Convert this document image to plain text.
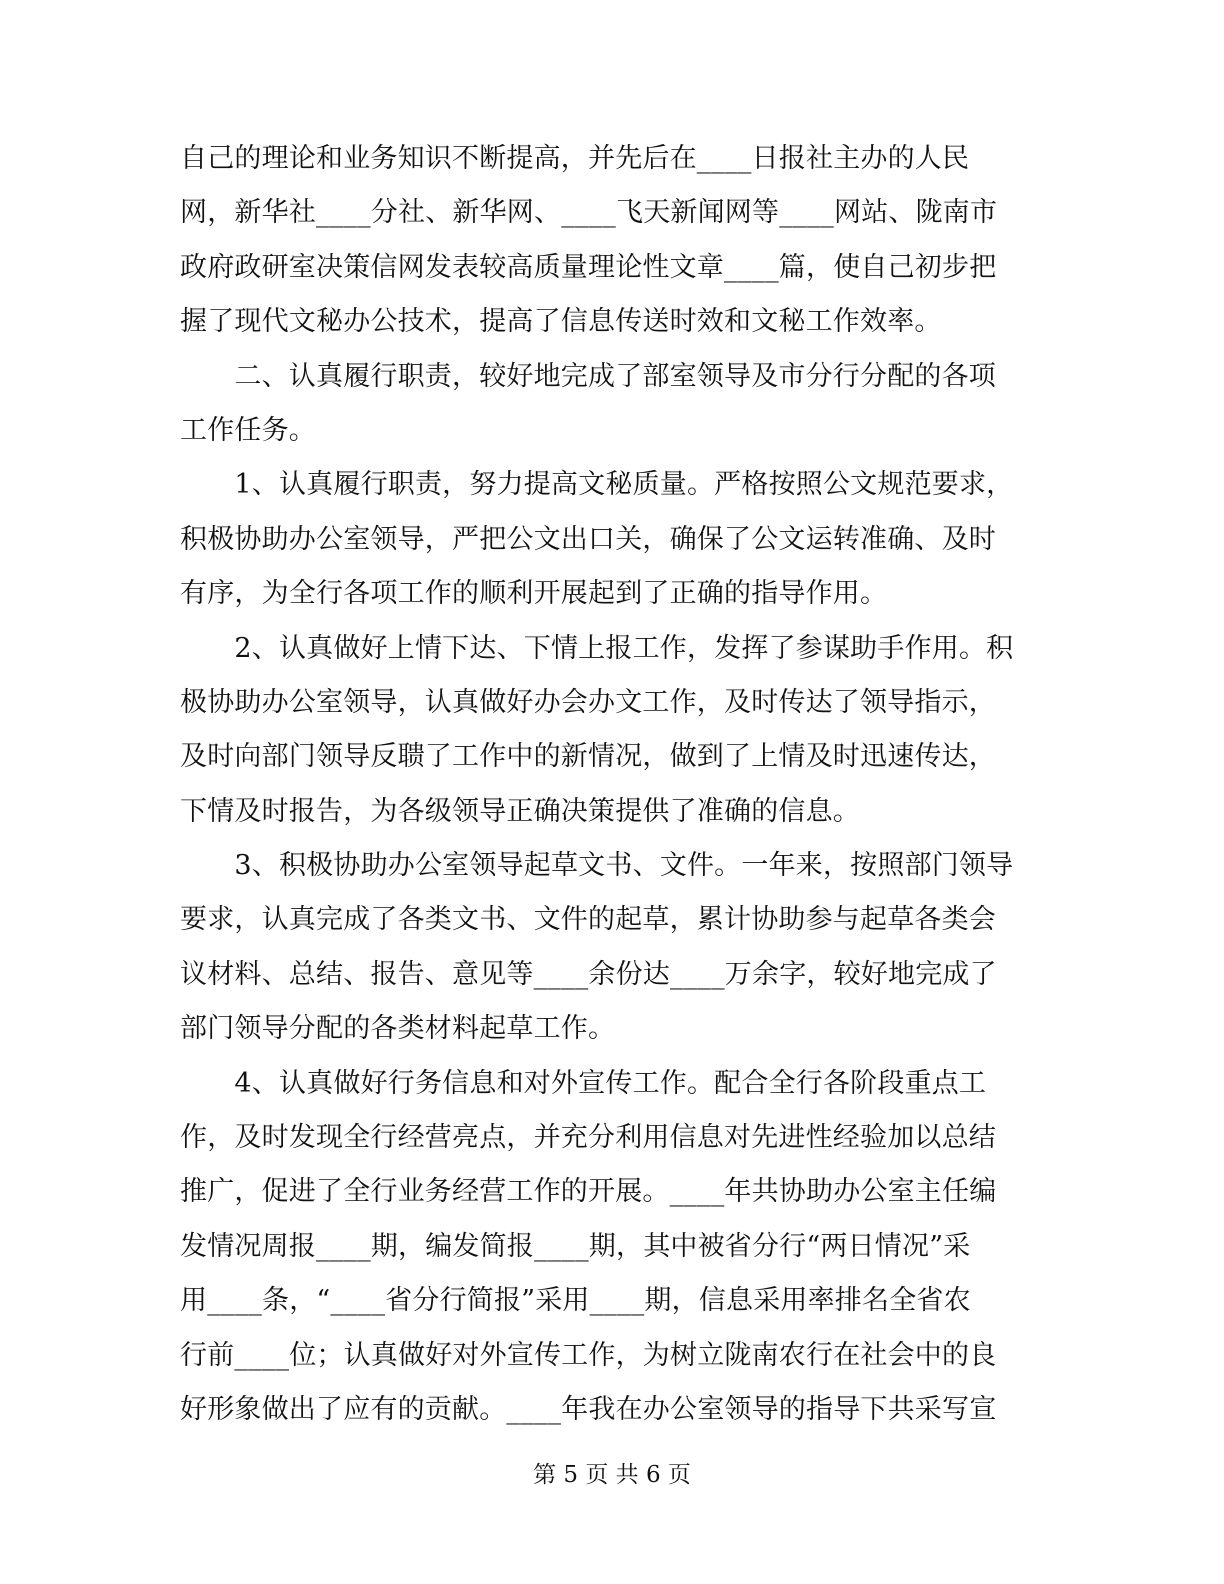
自己的理论和业务知识不断提高，并先后在____日报社主办的人民
网，新华社____分社、新华网、____飞天新闻网等____网站、陇南市
政府政研室决策信网发表较高质量理论性文章____篇，使自己初步把
握了现代文秘办公技术，提高了信息传送时效和文秘工作效率。
　　二、认真履行职责，较好地完成了部室领导及市分行分配的各项
工作任务。
　　1、认真履行职责，努力提高文秘质量。严格按照公文规范要求，
积极协助办公室领导，严把公文出口关，确保了公文运转准确、及时
有序，为全行各项工作的顺利开展起到了正确的指导作用。
　　2、认真做好上情下达、下情上报工作，发挥了参谋助手作用。积
极协助办公室领导，认真做好办会办文工作，及时传达了领导指示，
及时向部门领导反聩了工作中的新情况，做到了上情及时迅速传达，
下情及时报告，为各级领导正确决策提供了准确的信息。
　　3、积极协助办公室领导起草文书、文件。一年来，按照部门领导
要求，认真完成了各类文书、文件的起草，累计协助参与起草各类会
议材料、总结、报告、意见等____余份达____万余字，较好地完成了
部门领导分配的各类材料起草工作。
　　4、认真做好行务信息和对外宣传工作。配合全行各阶段重点工
作，及时发现全行经营亮点，并充分利用信息对先进性经验加以总结
推广，促进了全行业务经营工作的开展。____年共协助办公室主任编
发情况周报____期，编发简报____期，其中被省分行“两日情况”采
用____条，“____省分行简报”采用____期，信息采用率排名全省农
行前____位；认真做好对外宣传工作，为树立陇南农行在社会中的良
好形象做出了应有的贡献。____年我在办公室领导的指导下共采写宣
第 5 页 共 6 页
